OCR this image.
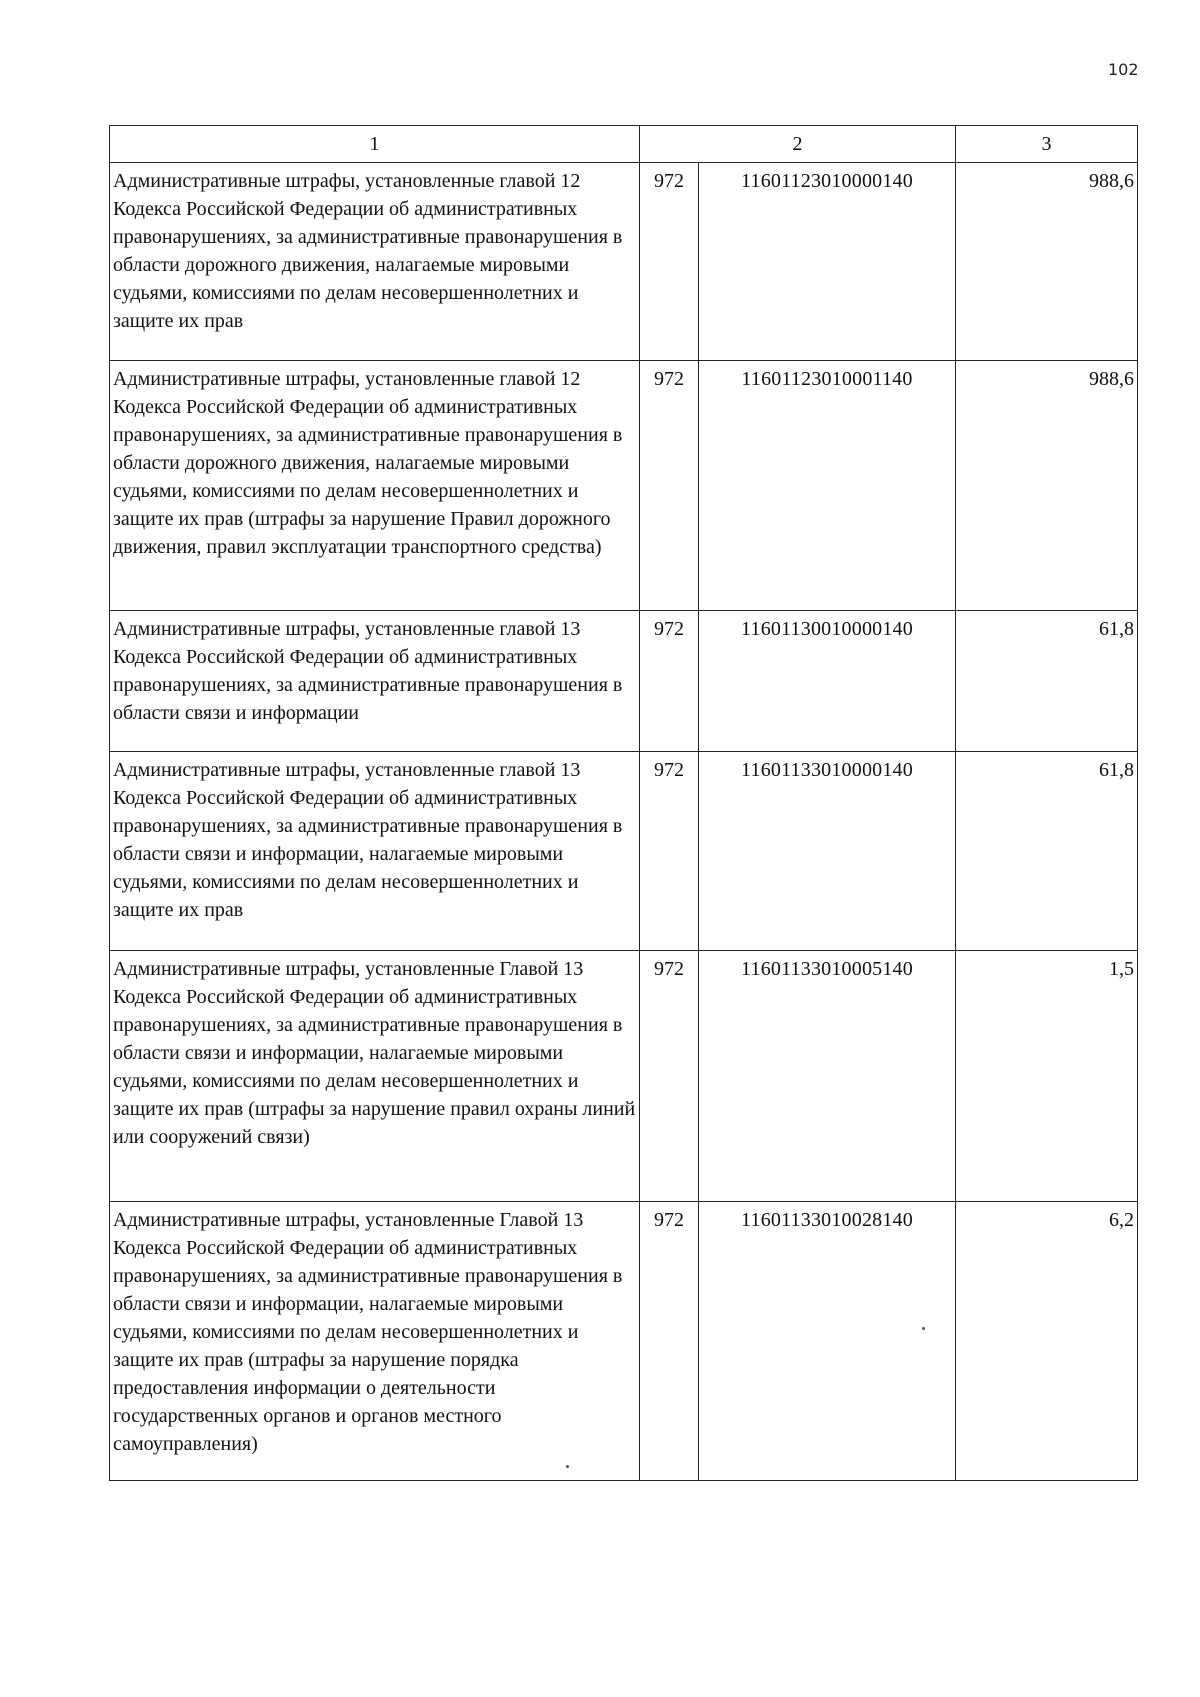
102
1	2		3
Административные штрафы, установленные главой 12 Кодекса Российской Федерации об административных правонарушениях, за административные правонарушения в области дорожного движения, налагаемые мировыми судьями, комиссиями по делам несовершеннолетних и защите их прав	972	11601123010000140	988,6
Административные штрафы, установленные главой 12 Кодекса Российской Федерации об административных правонарушениях, за административные правонарушения в области дорожного движения, налагаемые мировыми судьями, комиссиями по делам несовершеннолетних и защите их прав (штрафы за нарушение Правил дорожного движения, правил эксплуатации транспортного средства)	972	11601123010001140	988,6
Административные штрафы, установленные главой 13 Кодекса Российской Федерации об административных правонарушениях, за административные правонарушения в области связи и информации	972	11601130010000140	61,8
Административные штрафы, установленные главой 13 Кодекса Российской Федерации об административных правонарушениях, за административные правонарушения в области связи и информации, налагаемые мировыми судьями, комиссиями по делам несовершеннолетних и защите их прав	972	11601133010000140	61,8
Административные штрафы, установленные Главой 13 Кодекса Российской Федерации об административных правонарушениях, за административные правонарушения в области связи и информации, налагаемые мировыми судьями, комиссиями по делам несовершеннолетних и защите их прав (штрафы за нарушение правил охраны линий или сооружений связи)	972	11601133010005140	1,5
Административные штрафы, установленные Главой 13 Кодекса Российской Федерации об административных правонарушениях, за административные правонарушения в области связи и информации, налагаемые мировыми судьями, комиссиями по делам несовершеннолетних и защите их прав (штрафы за нарушение порядка предоставления информации о деятельности государственных органов и органов местного самоуправления)	972	11601133010028140	6,2
